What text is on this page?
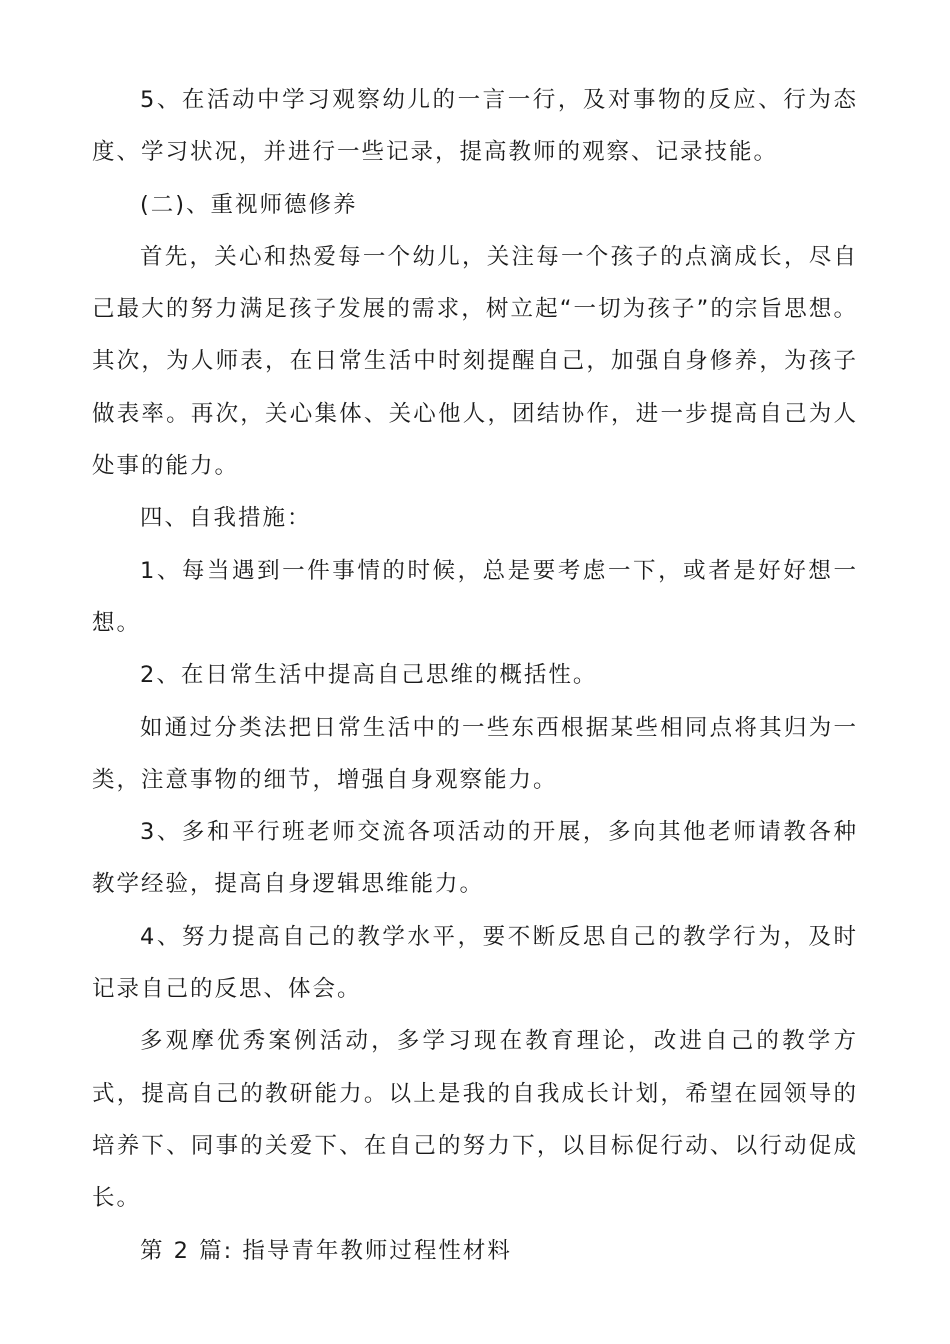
5、在活动中学习观察幼儿的一言一行，及对事物的反应、行为态度、学习状况，并进行一些记录，提高教师的观察、记录技能。

(二)、重视师德修养

首先，关心和热爱每一个幼儿，关注每一个孩子的点滴成长，尽自己最大的努力满足孩子发展的需求，树立起“一切为孩子”的宗旨思想。其次，为人师表，在日常生活中时刻提醒自己，加强自身修养，为孩子做表率。再次，关心集体、关心他人，团结协作，进一步提高自己为人处事的能力。

四、自我措施：

1、每当遇到一件事情的时候，总是要考虑一下，或者是好好想一想。

2、在日常生活中提高自己思维的概括性。

如通过分类法把日常生活中的一些东西根据某些相同点将其归为一类，注意事物的细节，增强自身观察能力。

3、多和平行班老师交流各项活动的开展，多向其他老师请教各种教学经验，提高自身逻辑思维能力。

4、努力提高自己的教学水平，要不断反思自己的教学行为，及时记录自己的反思、体会。

多观摩优秀案例活动，多学习现在教育理论，改进自己的教学方式，提高自己的教研能力。以上是我的自我成长计划，希望在园领导的培养下、同事的关爱下、在自己的努力下，以目标促行动、以行动促成长。

第 2 篇: 指导青年教师过程性材料
